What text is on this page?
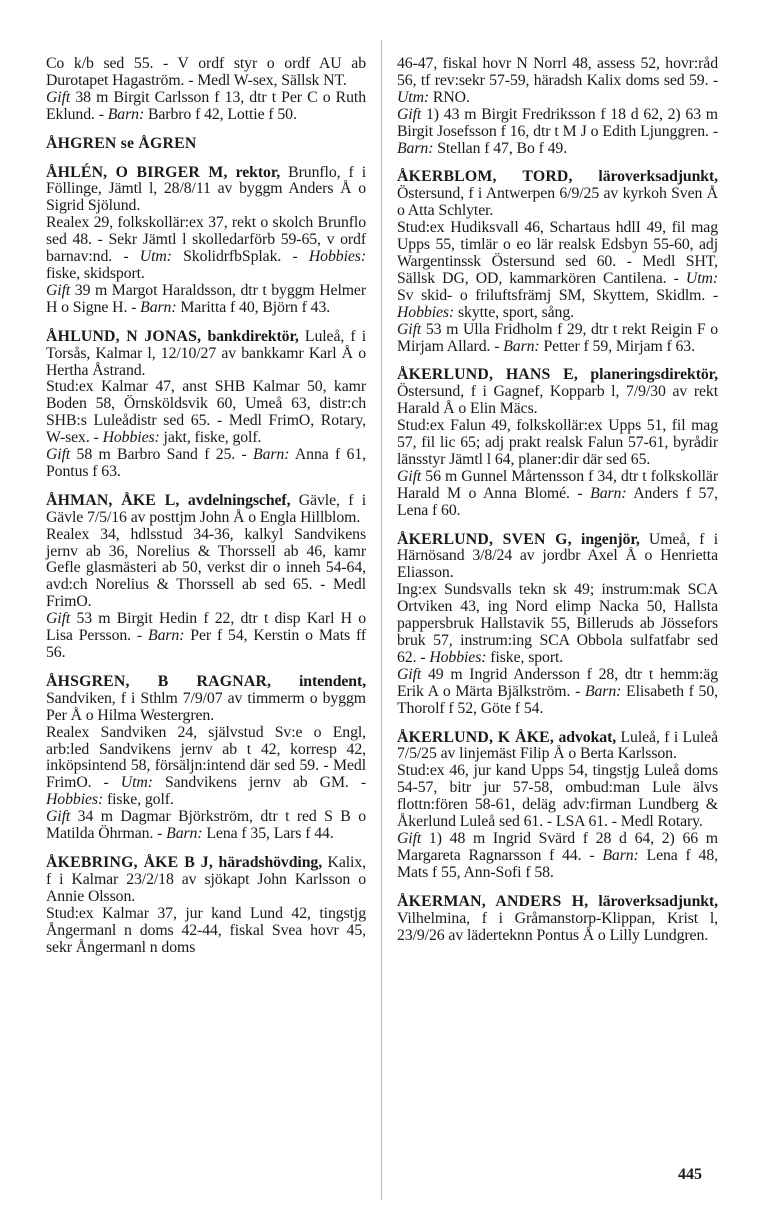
Co k/b sed 55. - V ordf styr o ordf AU ab Durotapet Hagaström. - Medl W-sex, Sällsk NT.

Gift 38 m Birgit Carlsson f 13, dtr t Per C o Ruth Eklund. - Barn: Barbro f 42, Lottie f 50.

ÅHGREN se ÅGREN

ÅHLÉN, O BIRGER M, rektor, Brunflo, f i Föllinge, Jämtl l, 28/8/11 av byggm Anders Å o Sigrid Sjölund.

Realex 29, folkskollär:ex 37, rekt o skolch Brunflo sed 48. - Sekr Jämtl l skolledarförb 59-65, v ordf barnav:nd. - Utm: SkolidrfbSplak. - Hobbies: fiske, skidsport.

Gift 39 m Margot Haraldsson, dtr t byggm Helmer H o Signe H. - Barn: Maritta f 40, Björn f 43.

ÅHLUND, N JONAS, bankdirektör, Luleå, f i Torsås, Kalmar l, 12/10/27 av bankkamr Karl Å o Hertha Åstrand.

Stud:ex Kalmar 47, anst SHB Kalmar 50, kamr Boden 58, Örnsköldsvik 60, Umeå 63, distr:ch SHB:s Luleådistr sed 65. - Medl FrimO, Rotary, W-sex. - Hobbies: jakt, fiske, golf.

Gift 58 m Barbro Sand f 25. - Barn: Anna f 61, Pontus f 63.

ÅHMAN, ÅKE L, avdelningschef, Gävle, f i Gävle 7/5/16 av posttjm John Å o Engla Hillblom.

Realex 34, hdlsstud 34-36, kalkyl Sandvikens jernv ab 36, Norelius & Thorssell ab 46, kamr Gefle glasmästeri ab 50, verkst dir o inneh 54-64, avd:ch Norelius & Thorssell ab sed 65. - Medl FrimO.

Gift 53 m Birgit Hedin f 22, dtr t disp Karl H o Lisa Persson. - Barn: Per f 54, Kerstin o Mats ff 56.

ÅHSGREN, B RAGNAR, intendent, Sandviken, f i Sthlm 7/9/07 av timmerm o byggm Per Å o Hilma Westergren.

Realex Sandviken 24, självstud Sv:e o Engl, arb:led Sandvikens jernv ab t 42, korresp 42, inköpsintend 58, försäljn:intend där sed 59. - Medl FrimO. - Utm: Sandvikens jernv ab GM. - Hobbies: fiske, golf.

Gift 34 m Dagmar Björkström, dtr t red S B o Matilda Öhrman. - Barn: Lena f 35, Lars f 44.

ÅKEBRING, ÅKE B J, häradshövding, Kalix, f i Kalmar 23/2/18 av sjökapt John Karlsson o Annie Olsson.

Stud:ex Kalmar 37, jur kand Lund 42, tingstjg Ångermanl n doms 42-44, fiskal Svea hovr 45, sekr Ångermanl n doms

46-47, fiskal hovr N Norrl 48, assess 52, hovr:råd 56, tf rev:sekr 57-59, häradsh Kalix doms sed 59. - Utm: RNO.

Gift 1) 43 m Birgit Fredriksson f 18 d 62, 2) 63 m Birgit Josefsson f 16, dtr t M J o Edith Ljunggren. - Barn: Stellan f 47, Bo f 49.

ÅKERBLOM, TORD, läroverksadjunkt, Östersund, f i Antwerpen 6/9/25 av kyrkoh Sven Å o Atta Schlyter.

Stud:ex Hudiksvall 46, Schartaus hdlI 49, fil mag Upps 55, timlär o eo lär realsk Edsbyn 55-60, adj Wargentinssk Östersund sed 60. - Medl SHT, Sällsk DG, OD, kammarkören Cantilena. - Utm: Sv skid- o friluftsfrämj SM, Skyttem, Skidlm. - Hobbies: skytte, sport, sång.

Gift 53 m Ulla Fridholm f 29, dtr t rekt Reigin F o Mirjam Allard. - Barn: Petter f 59, Mirjam f 63.

ÅKERLUND, HANS E, planeringsdirektör, Östersund, f i Gagnef, Kopparb l, 7/9/30 av rekt Harald Å o Elin Mäcs.

Stud:ex Falun 49, folkskollär:ex Upps 51, fil mag 57, fil lic 65; adj prakt realsk Falun 57-61, byrådir länsstyr Jämtl l 64, planer:dir där sed 65.

Gift 56 m Gunnel Mårtensson f 34, dtr t folkskollär Harald M o Anna Blomé. - Barn: Anders f 57, Lena f 60.

ÅKERLUND, SVEN G, ingenjör, Umeå, f i Härnösand 3/8/24 av jordbr Axel Å o Henrietta Eliasson.

Ing:ex Sundsvalls tekn sk 49; instrum:mak SCA Ortviken 43, ing Nord elimp Nacka 50, Hallsta pappersbruk Hallstavik 55, Billeruds ab Jössefors bruk 57, instrum:ing SCA Obbola sulfatfabr sed 62. - Hobbies: fiske, sport.

Gift 49 m Ingrid Andersson f 28, dtr t hemm:äg Erik A o Märta Bjälkström. - Barn: Elisabeth f 50, Thorolf f 52, Göte f 54.

ÅKERLUND, K ÅKE, advokat, Luleå, f i Luleå 7/5/25 av linjemäst Filip Å o Berta Karlsson.

Stud:ex 46, jur kand Upps 54, tingstjg Luleå doms 54-57, bitr jur 57-58, ombud:man Lule älvs flottn:fören 58-61, deläg adv:firman Lundberg & Åkerlund Luleå sed 61. - LSA 61. - Medl Rotary.

Gift 1) 48 m Ingrid Svärd f 28 d 64, 2) 66 m Margareta Ragnarsson f 44. - Barn: Lena f 48, Mats f 55, Ann-Sofi f 58.

ÅKERMAN, ANDERS H, läroverksadjunkt, Vilhelmina, f i Gråmanstorp-Klippan, Krist l, 23/9/26 av läderteknn Pontus Å o Lilly Lundgren.

445
